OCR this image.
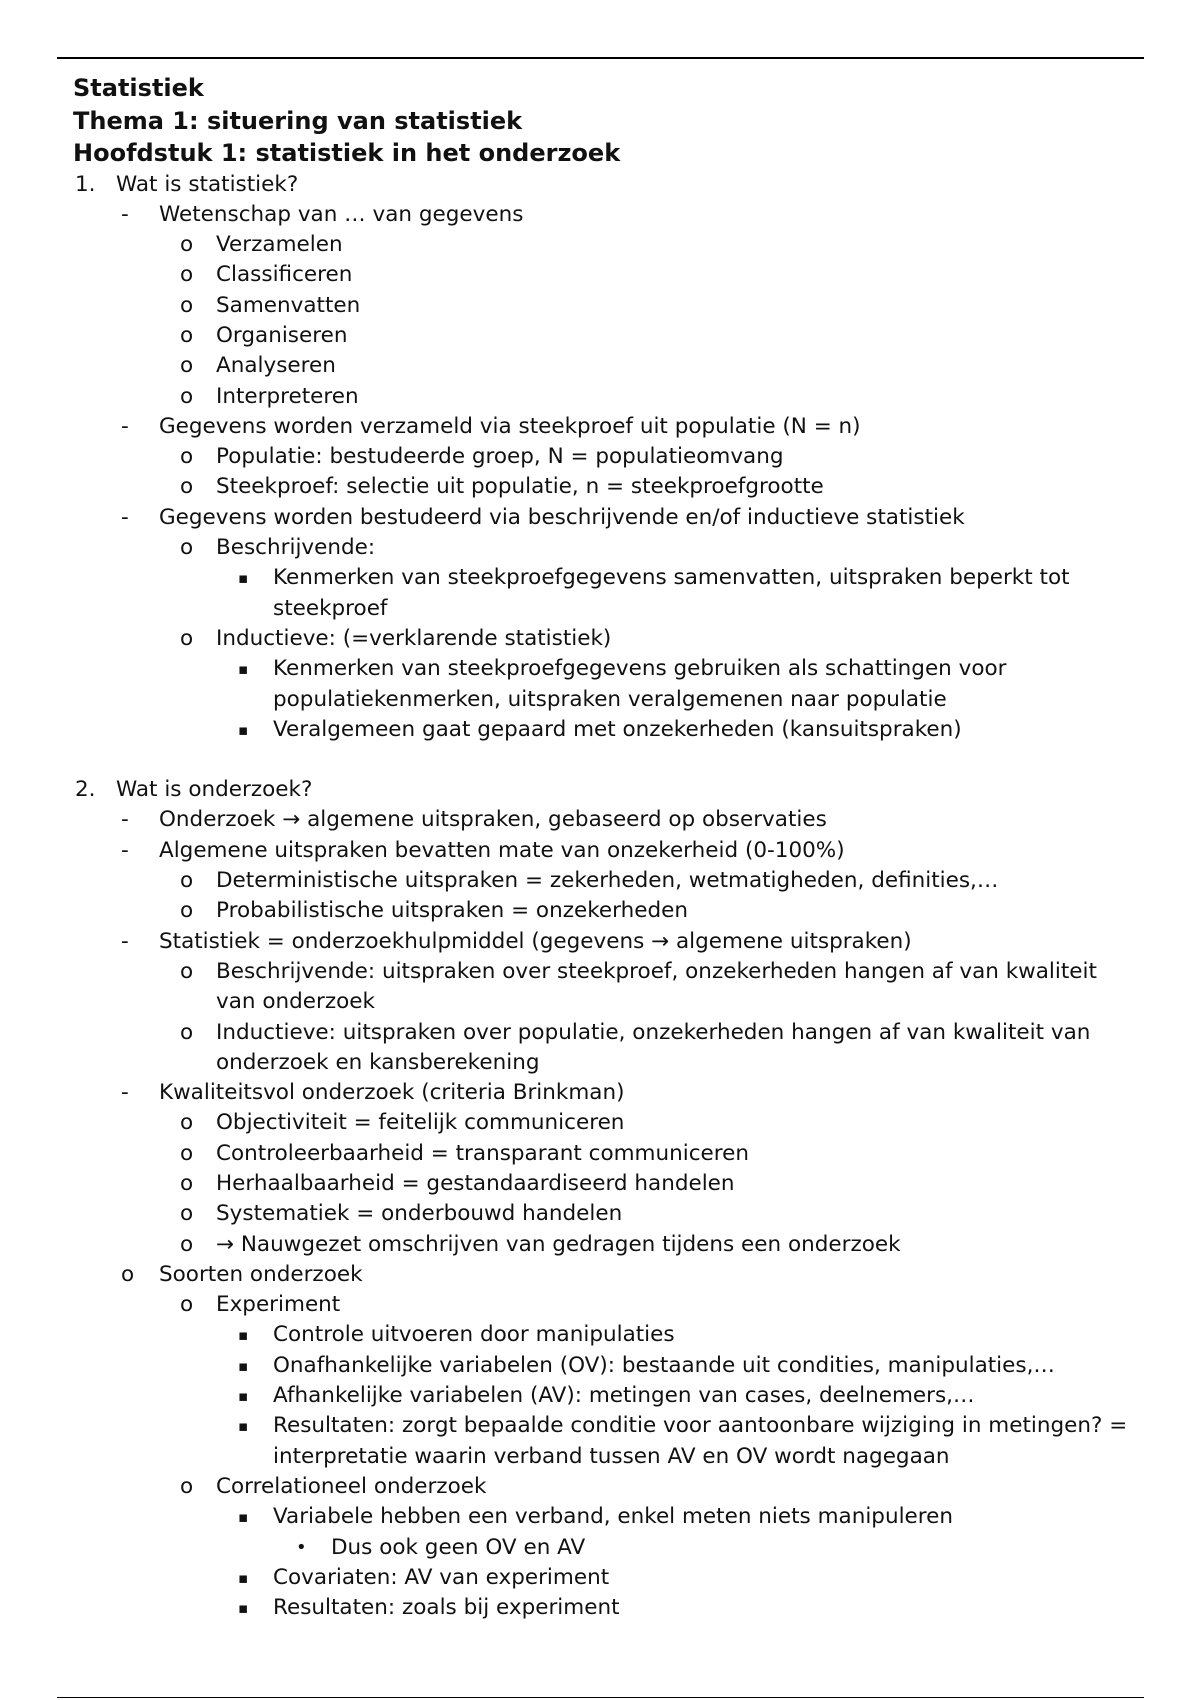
Statistiek
Thema 1: situering van statistiek
Hoofdstuk 1: statistiek in het onderzoek
1. Wat is statistiek?
- Wetenschap van … van gegevens
o Verzamelen
o Classificeren
o Samenvatten
o Organiseren
o Analyseren
o Interpreteren
- Gegevens worden verzameld via steekproef uit populatie (N = n)
o Populatie: bestudeerde groep, N = populatieomvang
o Steekproef: selectie uit populatie, n = steekproefgrootte
- Gegevens worden bestudeerd via beschrijvende en/of inductieve statistiek
o Beschrijvende:
▪ Kenmerken van steekproefgegevens samenvatten, uitspraken beperkt tot steekproef
o Inductieve: (=verklarende statistiek)
▪ Kenmerken van steekproefgegevens gebruiken als schattingen voor populatiekenmerken, uitspraken veralgemenen naar populatie
▪ Veralgemeen gaat gepaard met onzekerheden (kansuitspraken)
2. Wat is onderzoek?
- Onderzoek → algemene uitspraken, gebaseerd op observaties
- Algemene uitspraken bevatten mate van onzekerheid (0-100%)
o Deterministische uitspraken = zekerheden, wetmatigheden, definities,…
o Probabilistische uitspraken = onzekerheden
- Statistiek = onderzoekhulpmiddel (gegevens → algemene uitspraken)
o Beschrijvende: uitspraken over steekproef, onzekerheden hangen af van kwaliteit van onderzoek
o Inductieve: uitspraken over populatie, onzekerheden hangen af van kwaliteit van onderzoek en kansberekening
- Kwaliteitsvol onderzoek (criteria Brinkman)
o Objectiviteit = feitelijk communiceren
o Controleerbaarheid = transparant communiceren
o Herhaalbaarheid = gestandaardiseerd handelen
o Systematiek = onderbouwd handelen
o → Nauwgezet omschrijven van gedragen tijdens een onderzoek
o Soorten onderzoek
o Experiment
▪ Controle uitvoeren door manipulaties
▪ Onafhankelijke variabelen (OV): bestaande uit condities, manipulaties,…
▪ Afhankelijke variabelen (AV): metingen van cases, deelnemers,…
▪ Resultaten: zorgt bepaalde conditie voor aantoonbare wijziging in metingen? = interpretatie waarin verband tussen AV en OV wordt nagegaan
o Correlationeel onderzoek
▪ Variabele hebben een verband, enkel meten niets manipuleren
• Dus ook geen OV en AV
▪ Covariaten: AV van experiment
▪ Resultaten: zoals bij experiment
